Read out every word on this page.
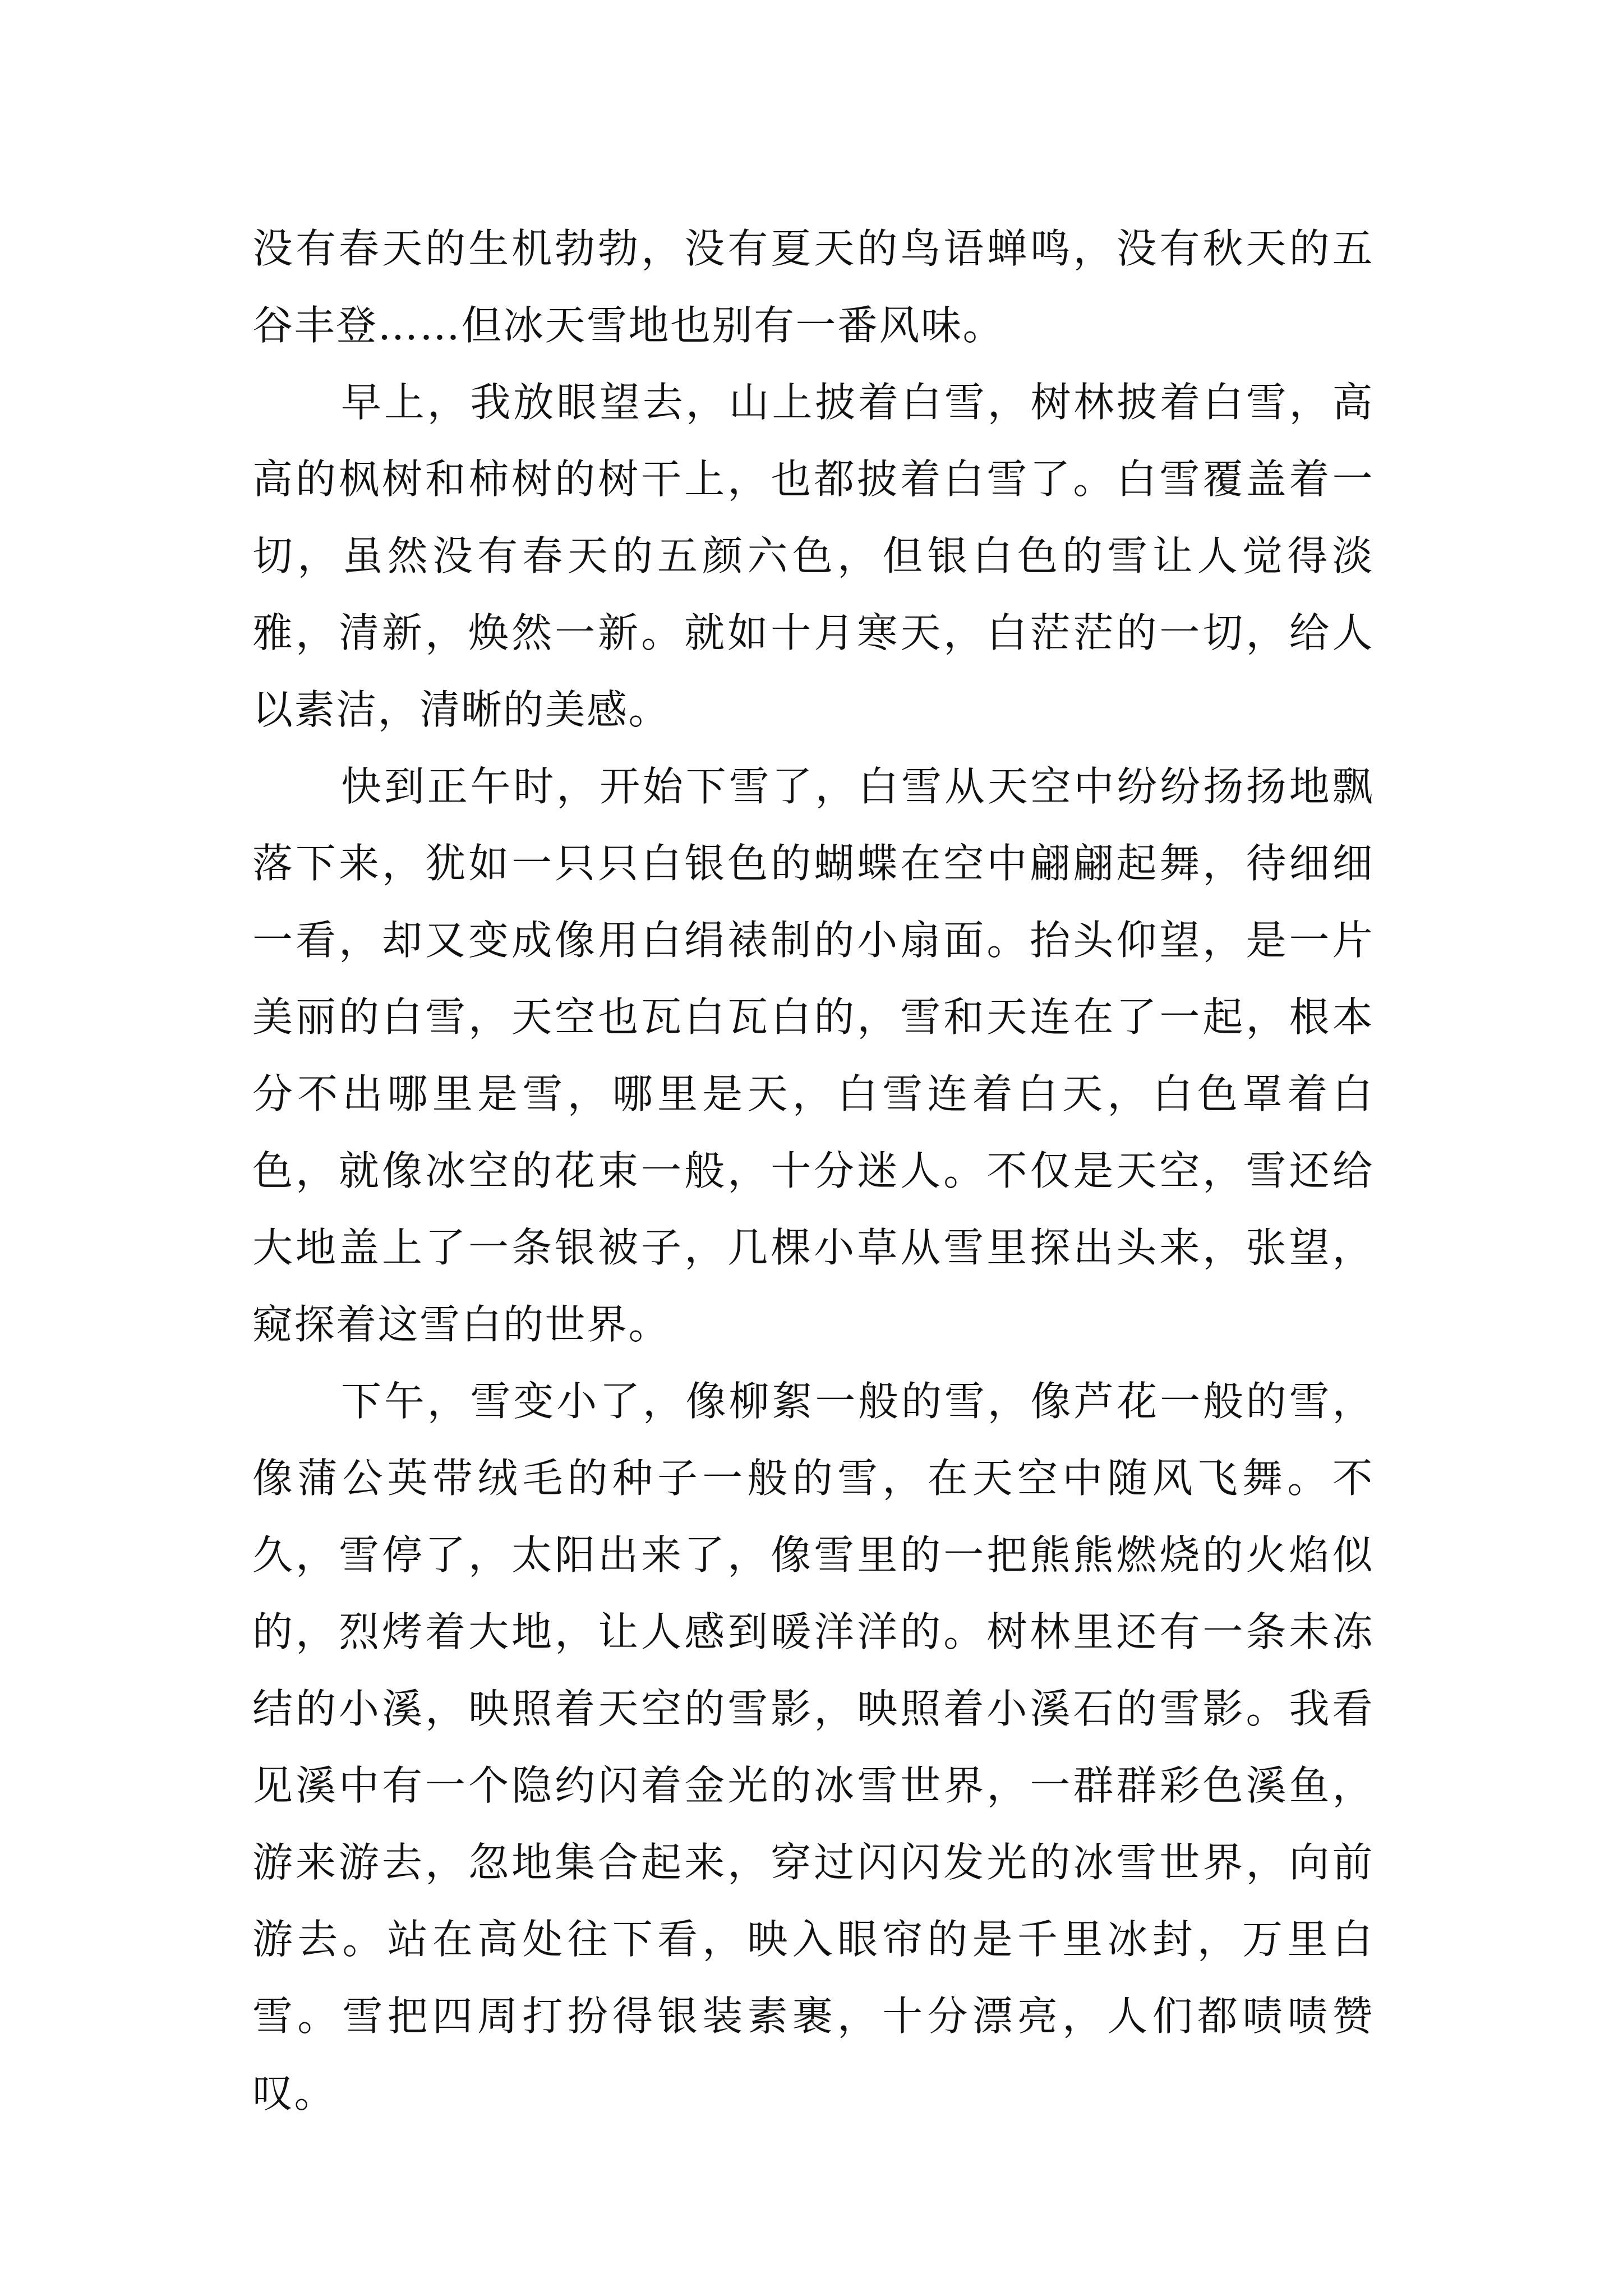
没有春天的生机勃勃，没有夏天的鸟语蝉鸣，没有秋天的五谷丰登……但冰天雪地也别有一番风味。

早上，我放眼望去，山上披着白雪，树林披着白雪，高高的枫树和柿树的树干上，也都披着白雪了。白雪覆盖着一切，虽然没有春天的五颜六色，但银白色的雪让人觉得淡雅，清新，焕然一新。就如十月寒天，白茫茫的一切，给人以素洁，清晰的美感。

快到正午时，开始下雪了，白雪从天空中纷纷扬扬地飘落下来，犹如一只只白银色的蝴蝶在空中翩翩起舞，待细细一看，却又变成像用白绢裱制的小扇面。抬头仰望，是一片美丽的白雪，天空也瓦白瓦白的，雪和天连在了一起，根本分不出哪里是雪，哪里是天，白雪连着白天，白色罩着白色，就像冰空的花束一般，十分迷人。不仅是天空，雪还给大地盖上了一条银被子，几棵小草从雪里探出头来，张望，窥探着这雪白的世界。

下午，雪变小了，像柳絮一般的雪，像芦花一般的雪，像蒲公英带绒毛的种子一般的雪，在天空中随风飞舞。不久，雪停了，太阳出来了，像雪里的一把熊熊燃烧的火焰似的，烈烤着大地，让人感到暖洋洋的。树林里还有一条未冻结的小溪，映照着天空的雪影，映照着小溪石的雪影。我看见溪中有一个隐约闪着金光的冰雪世界，一群群彩色溪鱼，游来游去，忽地集合起来，穿过闪闪发光的冰雪世界，向前游去。站在高处往下看，映入眼帘的是千里冰封，万里白雪。雪把四周打扮得银装素裹，十分漂亮，人们都啧啧赞叹。
